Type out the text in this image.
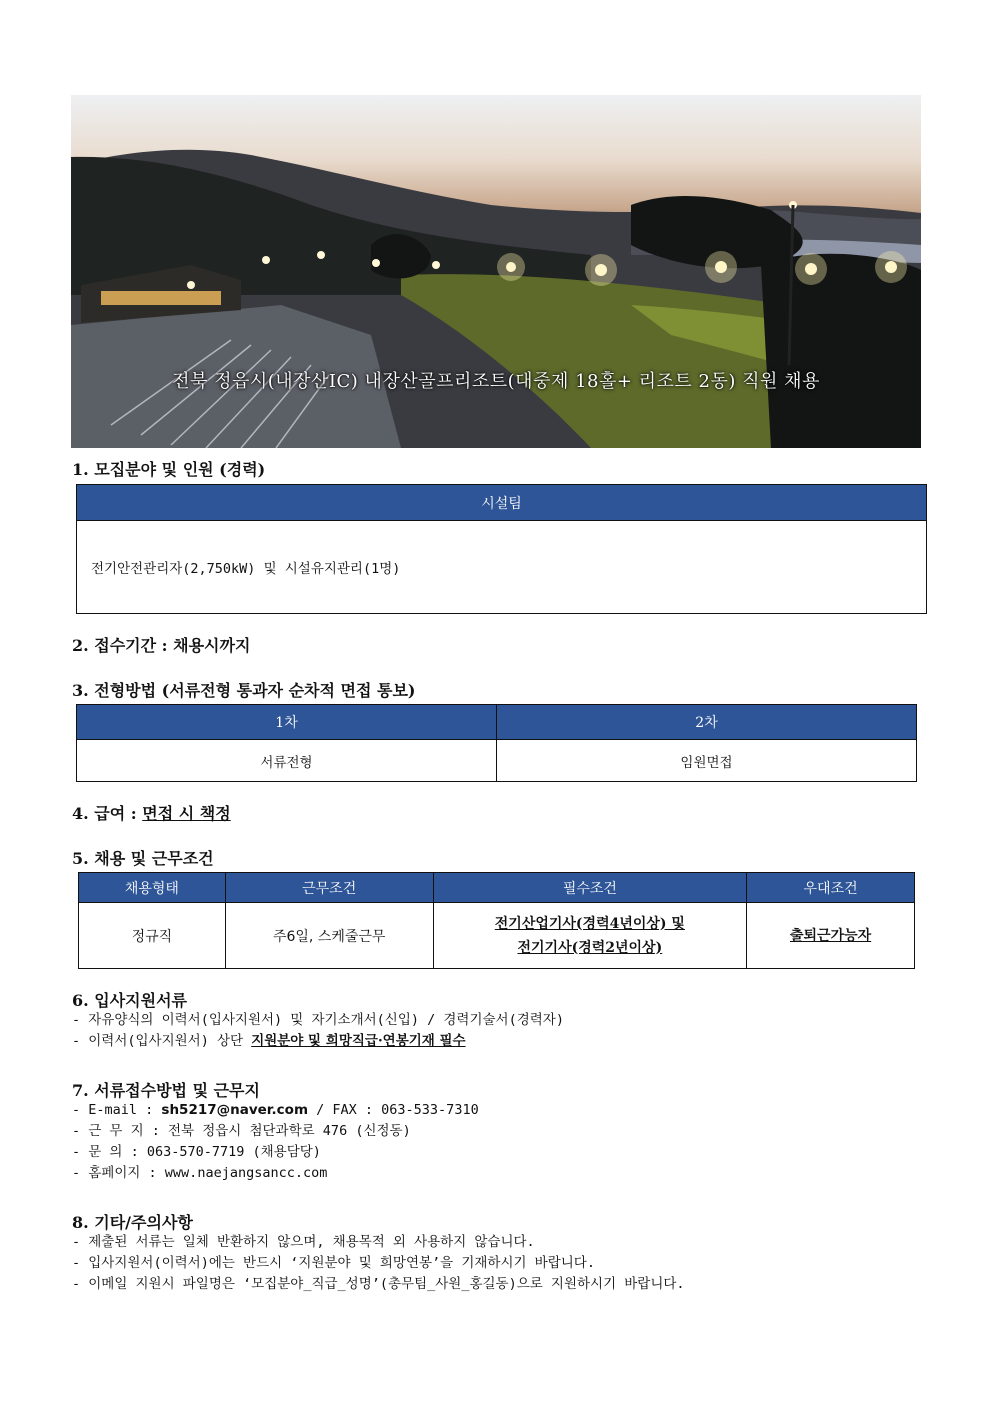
전북 정읍시(내장산IC) 내장산골프리조트(대중제 18홀+ 리조트 2동) 직원 채용
1. 모집분야 및 인원 (경력)
시설팀
전기안전관리자(2,750kW) 및 시설유지관리(1명)
2. 접수기간 : 채용시까지
3. 전형방법 (서류전형 통과자 순차적 면접 통보)
1차	2차
서류전형	임원면접
4. 급여 : 면접 시 책정
5. 채용 및 근무조건
채용형태	근무조건	필수조건	우대조건
정규직	주6일, 스케줄근무	전기산업기사(경력4년이상) 및
전기기사(경력2년이상)	출퇴근가능자
6. 입사지원서류
- 자유양식의 이력서(입사지원서) 및 자기소개서(신입) / 경력기술서(경력자)
- 이력서(입사지원서) 상단 지원분야 및 희망직급·연봉기재 필수
7. 서류접수방법 및 근무지
- E-mail : sh5217@naver.com / FAX : 063-533-7310
- 근 무 지 : 전북 정읍시 첨단과학로 476 (신정동)
- 문 의 : 063-570-7719 (채용담당)
- 홈페이지 : www.naejangsancc.com
8. 기타/주의사항
- 제출된 서류는 일체 반환하지 않으며, 채용목적 외 사용하지 않습니다.
- 입사지원서(이력서)에는 반드시 ‘지원분야 및 희망연봉’을 기재하시기 바랍니다.
- 이메일 지원시 파일명은 ‘모집분야_직급_성명’(총무팀_사원_홍길동)으로 지원하시기 바랍니다.
